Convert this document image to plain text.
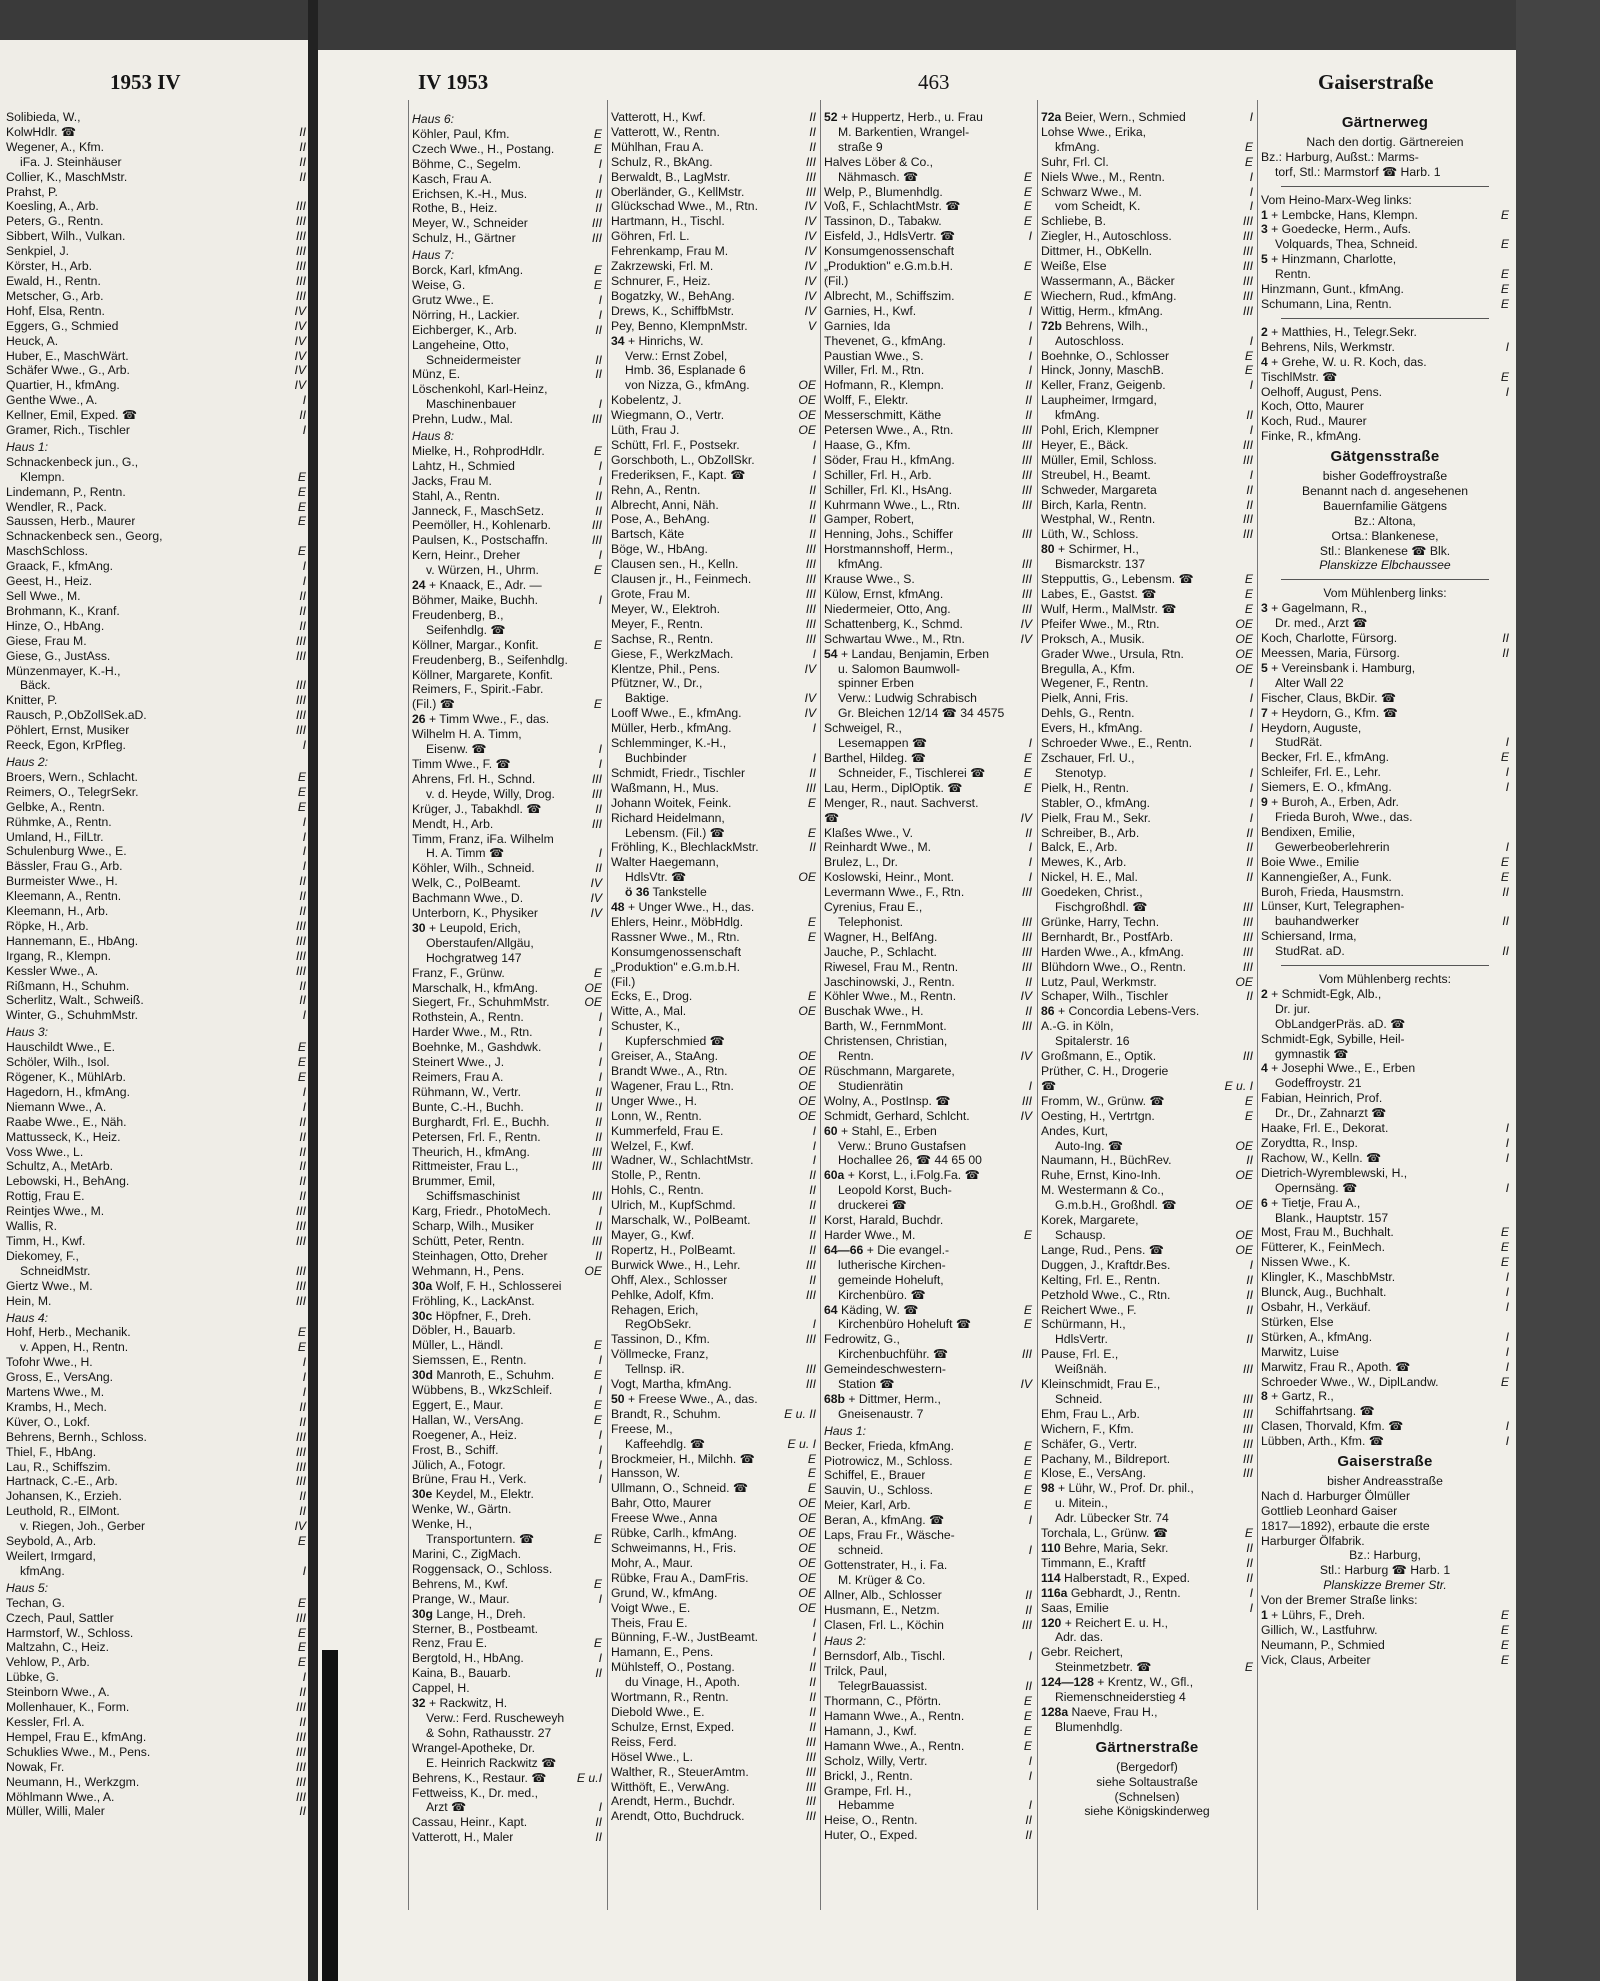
1953 IV	IV 1953	463	Gaiserstraße
Solibieda, W.,
KolwHdlr. ☎	II
Wegener, A., Kfm.	II
iFa. J. Steinhäuser	II
Collier, K., MaschMstr.	II
Prahst, P.
Koesling, A., Arb.	III
Peters, G., Rentn.	III
Sibbert, Wilh., Vulkan.	III
Senkpiel, J.	III
Körster, H., Arb.	III
Ewald, H., Rentn.	III
Metscher, G., Arb.	III
Hohf, Elsa, Rentn.	IV
Eggers, G., Schmied	IV
Heuck, A.	IV
Huber, E., MaschWärt.	IV
Schäfer Wwe., G., Arb.	IV
Quartier, H., kfmAng.	IV
Genthe Wwe., A.	I
Kellner, Emil, Exped. ☎	II
Gramer, Rich., Tischler	I
Haus 1:
Schnackenbeck jun., G.,
Klempn.	E
Lindemann, P., Rentn.	E
Wendler, R., Pack.	E
Saussen, Herb., Maurer	E
Schnackenbeck sen., Georg,
MaschSchloss.	E
Graack, F., kfmAng.	I
Geest, H., Heiz.	I
Sell Wwe., M.	II
Brohmann, K., Kranf.	II
Hinze, O., HbAng.	II
Giese, Frau M.	III
Giese, G., JustAss.	III
Münzenmayer, K.-H.,
Bäck.	III
Knitter, P.	III
Rausch, P.,ObZollSek.aD.	III
Pöhlert, Ernst, Musiker	III
Reeck, Egon, KrPfleg.	I
Haus 2:
Broers, Wern., Schlacht.	E
Reimers, O., TelegrSekr.	E
Gelbke, A., Rentn.	E
Rühmke, A., Rentn.	I
Umland, H., FilLtr.	I
Schulenburg Wwe., E.	I
Bässler, Frau G., Arb.	I
Burmeister Wwe., H.	II
Kleemann, A., Rentn.	II
Kleemann, H., Arb.	II
Röpke, H., Arb.	III
Hannemann, E., HbAng.	III
Irgang, R., Klempn.	III
Kessler Wwe., A.	III
Rißmann, H., Schuhm.	II
Scherlitz, Walt., Schweiß.	II
Winter, G., SchuhmMstr.	I
Haus 3:
Hauschildt Wwe., E.	E
Schöler, Wilh., Isol.	E
Rögener, K., MühlArb.	E
Hagedorn, H., kfmAng.	I
Niemann Wwe., A.	I
Raabe Wwe., E., Näh.	II
Mattusseck, K., Heiz.	II
Voss Wwe., L.	II
Schultz, A., MetArb.	II
Lebowski, H., BehAng.	II
Rottig, Frau E.	II
Reintjes Wwe., M.	III
Wallis, R.	III
Timm, H., Kwf.	III
Diekomey, F.,
SchneidMstr.	III
Giertz Wwe., M.	III
Hein, M.	III
Haus 4:
Hohf, Herb., Mechanik.	E
v. Appen, H., Rentn.	E
Tofohr Wwe., H.	I
Gross, E., VersAng.	I
Martens Wwe., M.	I
Krambs, H., Mech.	II
Küver, O., Lokf.	II
Behrens, Bernh., Schloss.	III
Thiel, F., HbAng.	III
Lau, R., Schiffszim.	III
Hartnack, C.-E., Arb.	III
Johansen, K., Erzieh.	II
Leuthold, R., ElMont.	II
v. Riegen, Joh., Gerber	IV
Seybold, A., Arb.	E
Weilert, Irmgard,
kfmAng.	I
Haus 5:
Techan, G.	E
Czech, Paul, Sattler	III
Harmstorf, W., Schloss.	E
Maltzahn, C., Heiz.	E
Vehlow, P., Arb.	E
Lübke, G.	I
Steinborn Wwe., A.	II
Mollenhauer, K., Form.	III
Kessler, Frl. A.	II
Hempel, Frau E., kfmAng.	III
Schuklies Wwe., M., Pens.	III
Nowak, Fr.	III
Neumann, H., Werkzgm.	III
Möhlmann Wwe., A.	III
Müller, Willi, Maler	II
Haus 6:
Köhler, Paul, Kfm.	E
Czech Wwe., H., Postang.	E
Böhme, C., Segelm.	I
Kasch, Frau A.	I
Erichsen, K.-H., Mus.	II
Rothe, B., Heiz.	II
Meyer, W., Schneider	III
Schulz, H., Gärtner	III
Haus 7:
Borck, Karl, kfmAng.	E
Weise, G.	E
Grutz Wwe., E.	I
Nörring, H., Lackier.	I
Eichberger, K., Arb.	II
Langeheine, Otto,
Schneidermeister	II
Münz, E.	II
Löschenkohl, Karl-Heinz,
Maschinenbauer	I
Prehn, Ludw., Mal.	III
Haus 8:
Mielke, H., RohprodHdlr.	E
Lahtz, H., Schmied	I
Jacks, Frau M.	I
Stahl, A., Rentn.	II
Janneck, F., MaschSetz.	II
Peemöller, H., Kohlenarb.	III
Paulsen, K., Postschaffn.	III
Kern, Heinr., Dreher	I
v. Würzen, H., Uhrm.	E
24 + Knaack, E., Adr. —
Böhmer, Maike, Buchh.	I
Freudenberg, B.,
Seifenhdlg. ☎
Köllner, Margar., Konfit.	E
Freudenberg, B., Seifenhdlg.
Köllner, Margarete, Konfit.
Reimers, F., Spirit.-Fabr.
(Fil.) ☎	E
26 + Timm Wwe., F., das.
Wilhelm H. A. Timm,
Eisenw. ☎	I
Timm Wwe., F. ☎	I
Ahrens, Frl. H., Schnd.	III
v. d. Heyde, Willy, Drog.	III
Krüger, J., Tabakhdl. ☎	II
Mendt, H., Arb.	III
Timm, Franz, iFa. Wilhelm
H. A. Timm ☎	I
Köhler, Wilh., Schneid.	II
Welk, C., PolBeamt.	IV
Bachmann Wwe., D.	IV
Unterborn, K., Physiker	IV
30 + Leupold, Erich,
Oberstaufen/Allgäu,
Hochgratweg 147
Franz, F., Grünw.	E
Marschalk, H., kfmAng.	OE
Siegert, Fr., SchuhmMstr.	OE
Rothstein, A., Rentn.	I
Harder Wwe., M., Rtn.	I
Boehnke, M., Gashdwk.	I
Steinert Wwe., J.	I
Reimers, Frau A.	I
Rühmann, W., Vertr.	II
Bunte, C.-H., Buchh.	II
Burghardt, Frl. E., Buchh.	II
Petersen, Frl. F., Rentn.	II
Theurich, H., kfmAng.	III
Rittmeister, Frau L.,	III
Brummer, Emil,
Schiffsmaschinist	III
Karg, Friedr., PhotoMech.	I
Scharp, Wilh., Musiker	II
Schütt, Peter, Rentn.	III
Steinhagen, Otto, Dreher	II
Wehmann, H., Pens.	OE
30a Wolf, F. H., Schlosserei
Fröhling, K., LackAnst.
30c Höpfner, F., Dreh.
Döbler, H., Bauarb.
Müller, L., Händl.	E
Siemssen, E., Rentn.	I
30d Manroth, E., Schuhm.	E
Wübbens, B., WkzSchleif.	I
Eggert, E., Maur.	E
Hallan, W., VersAng.	E
Roegener, A., Heiz.	I
Frost, B., Schiff.	I
Jülich, A., Fotogr.	I
Brüne, Frau H., Verk.	I
30e Keydel, M., Elektr.
Wenke, W., Gärtn.
Wenke, H.,
Transportuntern. ☎	E
Marini, C., ZigMach.
Roggensack, O., Schloss.
Behrens, M., Kwf.	E
Prange, W., Maur.	I
30g Lange, H., Dreh.
Sterner, B., Postbeamt.
Renz, Frau E.	E
Bergtold, H., HbAng.	I
Kaina, B., Bauarb.	II
Cappel, H.
32 + Rackwitz, H.
Verw.: Ferd. Ruscheweyh
& Sohn, Rathausstr. 27
Wrangel-Apotheke, Dr.
E. Heinrich Rackwitz ☎
Behrens, K., Restaur. ☎	E u.I
Fettweiss, K., Dr. med.,
Arzt ☎	I
Cassau, Heinr., Kapt.	II
Vatterott, H., Maler	II
Vatterott, H., Kwf.	II
Vatterott, W., Rentn.	II
Mühlhan, Frau A.	II
Schulz, R., BkAng.	III
Berwaldt, B., LagMstr.	III
Oberländer, G., KellMstr.	III
Glückschad Wwe., M., Rtn.	IV
Hartmann, H., Tischl.	IV
Göhren, Frl. L.	IV
Fehrenkamp, Frau M.	IV
Zakrzewski, Frl. M.	IV
Schnurer, F., Heiz.	IV
Bogatzky, W., BehAng.	IV
Drews, K., SchiffbMstr.	IV
Pey, Benno, KlempnMstr.	V
34 + Hinrichs, W.
Verw.: Ernst Zobel,
Hmb. 36, Esplanade 6
von Nizza, G., kfmAng.	OE
Kobelentz, J.	OE
Wiegmann, O., Vertr.	OE
Lüth, Frau J.	OE
Schütt, Frl. F., Postsekr.	I
Gorschboth, L., ObZollSkr.	I
Frederiksen, F., Kapt. ☎	I
Rehn, A., Rentn.	II
Albrecht, Anni, Näh.	II
Pose, A., BehAng.	II
Bartsch, Käte	II
Böge, W., HbAng.	III
Clausen sen., H., Kelln.	III
Clausen jr., H., Feinmech.	III
Grote, Frau M.	III
Meyer, W., Elektroh.	III
Meyer, F., Rentn.	III
Sachse, R., Rentn.	III
Giese, F., WerkzMach.	I
Klentze, Phil., Pens.	IV
Pfützner, W., Dr.,
Baktige.	IV
Looff Wwe., E., kfmAng.	IV
Müller, Herb., kfmAng.	I
Schlemminger, K.-H.,
Buchbinder	I
Schmidt, Friedr., Tischler	II
Waßmann, H., Mus.	III
Johann Woitek, Feink.	E
Richard Heidelmann,
Lebensm. (Fil.) ☎	E
Fröhling, K., BlechlackMstr.	II
Walter Haegemann,
HdlsVtr. ☎	OE
ö 36 Tankstelle
48 + Unger Wwe., H., das.
Ehlers, Heinr., MöbHdlg.	E
Rassner Wwe., M., Rtn.	E
Konsumgenossenschaft
„Produktion" e.G.m.b.H.
(Fil.)
Ecks, E., Drog.	E
Witte, A., Mal.	OE
Schuster, K.,
Kupferschmied ☎
Greiser, A., StaAng.	OE
Brandt Wwe., A., Rtn.	OE
Wagener, Frau L., Rtn.	OE
Unger Wwe., H.	OE
Lonn, W., Rentn.	OE
Kummerfeld, Frau E.	I
Welzel, F., Kwf.	I
Wadner, W., SchlachtMstr.	I
Stolle, P., Rentn.	II
Hohls, C., Rentn.	II
Ulrich, M., KupfSchmd.	II
Marschalk, W., PolBeamt.	II
Mayer, G., Kwf.	II
Ropertz, H., PolBeamt.	II
Burwick Wwe., H., Lehr.	III
Ohff, Alex., Schlosser	II
Pehlke, Adolf, Kfm.	III
Rehagen, Erich,
RegObSekr.	I
Tassinon, D., Kfm.	III
Völlmecke, Franz,
Tellnsp. iR.	III
Vogt, Martha, kfmAng.	III
50 + Freese Wwe., A., das.
Brandt, R., Schuhm.	E u. II
Freese, M.,
Kaffeehdlg. ☎	E u. I
Brockmeier, H., Milchh. ☎	E
Hansson, W.	E
Ullmann, O., Schneid. ☎	E
Bahr, Otto, Maurer	OE
Freese Wwe., Anna	OE
Rübke, Carlh., kfmAng.	OE
Schweimanns, H., Fris.	OE
Mohr, A., Maur.	OE
Rübke, Frau A., DamFris.	OE
Grund, W., kfmAng.	OE
Voigt Wwe., E.	OE
Theis, Frau E.	I
Bünning, F.-W., JustBeamt.	I
Hamann, E., Pens.	I
Mühlsteff, O., Postang.	II
du Vinage, H., Apoth.	II
Wortmann, R., Rentn.	II
Diebold Wwe., E.	II
Schulze, Ernst, Exped.	II
Reiss, Ferd.	III
Hösel Wwe., L.	III
Walther, R., SteuerAmtm.	III
Witthöft, E., VerwAng.	III
Arendt, Herm., Buchdr.	III
Arendt, Otto, Buchdruck.	III
52 + Huppertz, Herb., u. Frau
M. Barkentien, Wrangel-
straße 9
Halves Löber & Co.,
Nähmasch. ☎	E
Welp, P., Blumenhdlg.	E
Voß, F., SchlachtMstr. ☎	E
Tassinon, D., Tabakw.	E
Eisfeld, J., HdlsVertr. ☎	I
Konsumgenossenschaft
„Produktion" e.G.m.b.H.	E
(Fil.)
Albrecht, M., Schiffszim.	E
Garnies, H., Kwf.	I
Garnies, Ida	I
Thevenet, G., kfmAng.	I
Paustian Wwe., S.	I
Willer, Frl. M., Rtn.	I
Hofmann, R., Klempn.	II
Wolff, F., Elektr.	II
Messerschmitt, Käthe	II
Petersen Wwe., A., Rtn.	III
Haase, G., Kfm.	III
Söder, Frau H., kfmAng.	III
Schiller, Frl. H., Arb.	III
Schiller, Frl. Kl., HsAng.	III
Kuhrmann Wwe., L., Rtn.	III
Gamper, Robert,
Henning, Johs., Schiffer	III
Horstmannshoff, Herm.,
kfmAng.	III
Krause Wwe., S.	III
Külow, Ernst, kfmAng.	III
Niedermeier, Otto, Ang.	III
Schattenberg, K., Schmd.	IV
Schwartau Wwe., M., Rtn.	IV
54 + Landau, Benjamin, Erben
u. Salomon Baumwoll-
spinner Erben
Verw.: Ludwig Schrabisch
Gr. Bleichen 12/14 ☎ 34 4575
Schweigel, R.,
Lesemappen ☎	I
Barthel, Hildeg. ☎	E
Schneider, F., Tischlerei ☎	E
Lau, Herm., DiplOptik. ☎	E
Menger, R., naut. Sachverst.
☎	IV
Klaßes Wwe., V.	II
Reinhardt Wwe., M.	I
Brulez, L., Dr.	I
Koslowski, Heinr., Mont.	I
Levermann Wwe., F., Rtn.	III
Cyrenius, Frau E.,
Telephonist.	III
Wagner, H., BelfAng.	III
Jauche, P., Schlacht.	III
Riwesel, Frau M., Rentn.	III
Jaschinowski, J., Rentn.	II
Köhler Wwe., M., Rentn.	IV
Buschak Wwe., H.	II
Barth, W., FernmMont.	III
Christensen, Christian,
Rentn.	IV
Rüschmann, Margarete,
Studienrätin	I
Wolny, A., PostInsp. ☎	III
Schmidt, Gerhard, Schlcht.	IV
60 + Stahl, E., Erben
Verw.: Bruno Gustafsen
Hochallee 26, ☎ 44 65 00
60a + Korst, L., i.Folg.Fa. ☎
Leopold Korst, Buch-
druckerei ☎
Korst, Harald, Buchdr.
Harder Wwe., M.	E
64—66 + Die evangel.-
lutherische Kirchen-
gemeinde Hoheluft,
Kirchenbüro. ☎
64 Käding, W. ☎	E
Kirchenbüro Hoheluft ☎	E
Fedrowitz, G.,
Kirchenbuchführ. ☎	III
Gemeindeschwestern-
Station ☎	IV
68b + Dittmer, Herm.,
Gneisenaustr. 7
Haus 1:
Becker, Frieda, kfmAng.	E
Piotrowicz, M., Schloss.	E
Schiffel, E., Brauer	E
Sauvin, U., Schloss.	E
Meier, Karl, Arb.	E
Beran, A., kfmAng. ☎	I
Laps, Frau Fr., Wäsche-
schneid.	I
Gottenstrater, H., i. Fa.
M. Krüger & Co.
Allner, Alb., Schlosser	II
Husmann, E., Netzm.	II
Clasen, Frl. L., Köchin	III
Haus 2:
Bernsdorf, Alb., Tischl.	I
Trilck, Paul,
TelegrBauassist.	II
Thormann, C., Pförtn.	E
Hamann Wwe., A., Rentn.	E
Hamann, J., Kwf.	E
Hamann Wwe., A., Rentn.	E
Scholz, Willy, Vertr.	I
Brickl, J., Rentn.	I
Grampe, Frl. H.,
Hebamme	I
Heise, O., Rentn.	II
Huter, O., Exped.	II
72a Beier, Wern., Schmied	I
Lohse Wwe., Erika,
kfmAng.	E
Suhr, Frl. Cl.	E
Niels Wwe., M., Rentn.	I
Schwarz Wwe., M.	I
vom Scheidt, K.	I
Schliebe, B.	III
Ziegler, H., Autoschloss.	III
Dittmer, H., ObKelln.	III
Weiße, Else	III
Wassermann, A., Bäcker	III
Wiechern, Rud., kfmAng.	III
Wittig, Herm., kfmAng.	III
72b Behrens, Wilh.,
Autoschloss.	I
Boehnke, O., Schlosser	E
Hinck, Jonny, MaschB.	E
Keller, Franz, Geigenb.	I
Laupheimer, Irmgard,
kfmAng.	II
Pohl, Erich, Klempner	I
Heyer, E., Bäck.	III
Müller, Emil, Schloss.	III
Streubel, H., Beamt.	I
Schweder, Margareta	II
Birch, Karla, Rentn.	II
Westphal, W., Rentn.	III
Lüth, W., Schloss.	III
80 + Schirmer, H.,
Bismarckstr. 137
Stepputtis, G., Lebensm. ☎	E
Labes, E., Gastst. ☎	E
Wulf, Herm., MalMstr. ☎	E
Pfeifer Wwe., M., Rtn.	OE
Proksch, A., Musik.	OE
Grader Wwe., Ursula, Rtn.	OE
Bregulla, A., Kfm.	OE
Wegener, F., Rentn.	I
Pielk, Anni, Fris.	I
Dehls, G., Rentn.	I
Evers, H., kfmAng.	I
Schroeder Wwe., E., Rentn.	I
Zschauer, Frl. U.,
Stenotyp.	I
Pielk, H., Rentn.	I
Stabler, O., kfmAng.	I
Pielk, Frau M., Sekr.	I
Schreiber, B., Arb.	II
Balck, E., Arb.	II
Mewes, K., Arb.	II
Nickel, H. E., Mal.	II
Goedeken, Christ.,
Fischgroßhdl. ☎	III
Grünke, Harry, Techn.	III
Bernhardt, Br., PostfArb.	III
Harden Wwe., A., kfmAng.	III
Blühdorn Wwe., O., Rentn.	III
Lutz, Paul, Werkmstr.	OE
Schaper, Wilh., Tischler	II
86 + Concordia Lebens-Vers.
A.-G. in Köln,
Spitalerstr. 16
Großmann, E., Optik.	III
Prüther, C. H., Drogerie
☎	E u. I
Fromm, W., Grünw. ☎	E
Oesting, H., Vertrtgn.	E
Andes, Kurt,
Auto-Ing. ☎	OE
Naumann, H., BüchRev.	II
Ruhe, Ernst, Kino-Inh.	OE
M. Westermann & Co.,
G.m.b.H., Großhdl. ☎	OE
Korek, Margarete,
Schausp.	OE
Lange, Rud., Pens. ☎	OE
Duggen, J., Kraftdr.Bes.	I
Kelting, Frl. E., Rentn.	II
Petzhold Wwe., C., Rtn.	II
Reichert Wwe., F.	II
Schürmann, H.,
HdlsVertr.	II
Pause, Frl. E.,
Weißnäh.	III
Kleinschmidt, Frau E.,
Schneid.	III
Ehm, Frau L., Arb.	III
Wichern, F., Kfm.	III
Schäfer, G., Vertr.	III
Pachany, M., Bildreport.	III
Klose, E., VersAng.	III
98 + Lühr, W., Prof. Dr. phil.,
u. Mitein.,
Adr. Lübecker Str. 74
Torchala, L., Grünw. ☎	E
110 Behre, Maria, Sekr.	II
Timmann, E., Kraftf	II
114 Halberstadt, R., Exped.	II
116a Gebhardt, J., Rentn.	I
Saas, Emilie	I
120 + Reichert E. u. H.,
Adr. das.
Gebr. Reichert,
Steinmetzbetr. ☎	E
124—128 + Krentz, W., Gfl.,
Riemenschneiderstieg 4
128a Naeve, Frau H.,
Blumenhdlg.
Gärtnerstraße
(Bergedorf)
siehe Soltaustraße
(Schnelsen)
siehe Königskinderweg
Gärtnerweg
Nach den dortig. Gärtnereien
Bz.: Harburg, Außst.: Marms-
torf, Stl.: Marmstorf ☎ Harb. 1
Vom Heino-Marx-Weg links:
1 + Lembcke, Hans, Klempn.	E
3 + Goedecke, Herm., Aufs.
Volquards, Thea, Schneid.	E
5 + Hinzmann, Charlotte,
Rentn.	E
Hinzmann, Gunt., kfmAng.	E
Schumann, Lina, Rentn.	E
2 + Matthies, H., Telegr.Sekr.
Behrens, Nils, Werkmstr.	I
4 + Grehe, W. u. R. Koch, das.
TischlMstr. ☎	E
Oelhoff, August, Pens.	I
Koch, Otto, Maurer
Koch, Rud., Maurer
Finke, R., kfmAng.
Gätgensstraße
bisher Godeffroystraße
Benannt nach d. angesehenen
Bauernfamilie Gätgens
Bz.: Altona,
Ortsa.: Blankenese,
Stl.: Blankenese ☎ Blk.
Planskizze Elbchaussee
Vom Mühlenberg links:
3 + Gagelmann, R.,
Dr. med., Arzt ☎
Koch, Charlotte, Fürsorg.	II
Meessen, Maria, Fürsorg.	II
5 + Vereinsbank i. Hamburg,
Alter Wall 22
Fischer, Claus, BkDir. ☎
7 + Heydorn, G., Kfm. ☎
Heydorn, Auguste,
StudRät.	I
Becker, Frl. E., kfmAng.	E
Schleifer, Frl. E., Lehr.	I
Siemers, E. O., kfmAng.	I
9 + Buroh, A., Erben, Adr.
Frieda Buroh, Wwe., das.
Bendixen, Emilie,
Gewerbeoberlehrerin	I
Boie Wwe., Emilie	E
Kannengießer, A., Funk.	E
Buroh, Frieda, Hausmstrn.	II
Lünser, Kurt, Telegraphen-
bauhandwerker	II
Schiersand, Irma,
StudRat. aD.	II
Vom Mühlenberg rechts:
2 + Schmidt-Egk, Alb.,
Dr. jur.
ObLandgerPräs. aD. ☎
Schmidt-Egk, Sybille, Heil-
gymnastik ☎
4 + Josephi Wwe., E., Erben
Godeffroystr. 21
Fabian, Heinrich, Prof.
Dr., Dr., Zahnarzt ☎
Haake, Frl. E., Dekorat.	I
Zorydtta, R., Insp.	I
Rachow, W., Kelln. ☎	I
Dietrich-Wyremblewski, H.,
Opernsäng. ☎	I
6 + Tietje, Frau A.,
Blank., Hauptstr. 157
Most, Frau M., Buchhalt.	E
Fütterer, K., FeinMech.	E
Nissen Wwe., K.	E
Klingler, K., MaschbMstr.	I
Blunck, Aug., Buchhalt.	I
Osbahr, H., Verkäuf.	I
Stürken, Else
Stürken, A., kfmAng.	I
Marwitz, Luise	I
Marwitz, Frau R., Apoth. ☎	I
Schroeder Wwe., W., DiplLandw.	E
8 + Gartz, R.,
Schiffahrtsang. ☎
Clasen, Thorvald, Kfm. ☎	I
Lübben, Arth., Kfm. ☎	I
Gaiserstraße
bisher Andreasstraße
Nach d. Harburger Ölmüller
Gottlieb Leonhard Gaiser
1817—1892), erbaute die erste
Harburger Ölfabrik.
Bz.: Harburg,
Stl.: Harburg ☎ Harb. 1
Planskizze Bremer Str.
Von der Bremer Straße links:
1 + Lührs, F., Dreh.	E
Gillich, W., Lastfuhrw.	E
Neumann, P., Schmied	E
Vick, Claus, Arbeiter	E
